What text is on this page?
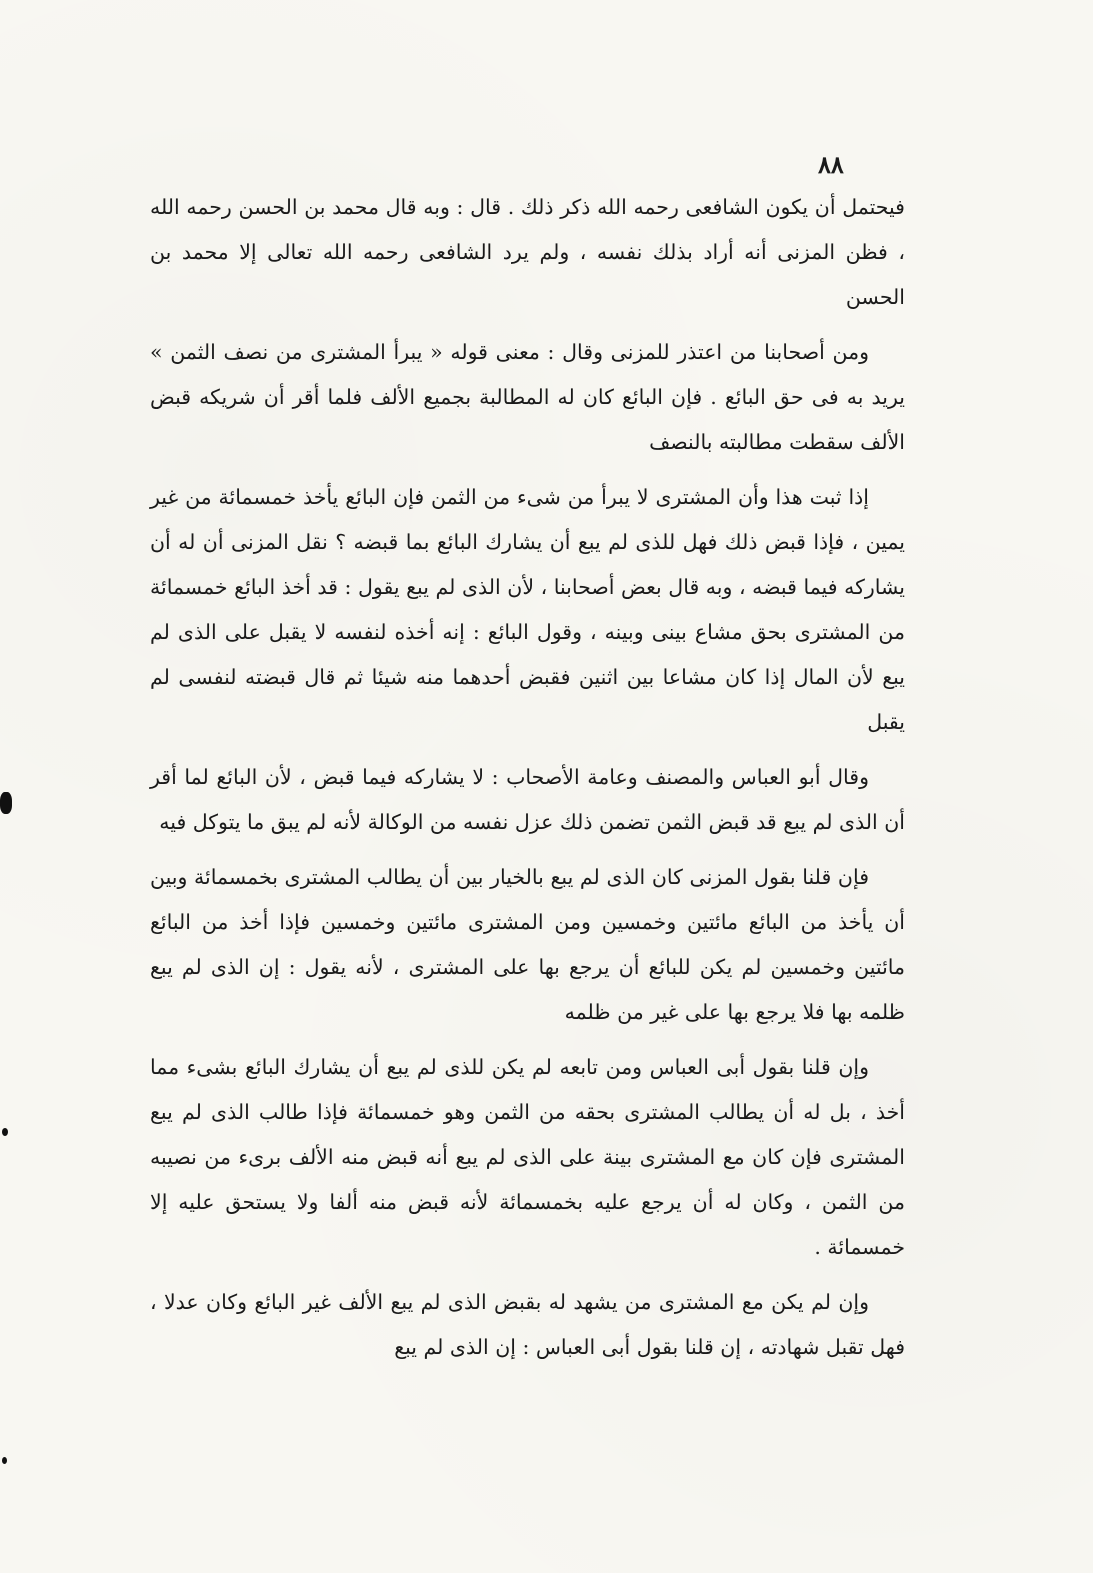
٨٨

فيحتمل أن يكون الشافعى رحمه الله ذكر ذلك . قال : وبه قال محمد بن الحسن رحمه الله ، فظن المزنى أنه أراد بذلك نفسه ، ولم يرد الشافعى رحمه الله تعالى إلا محمد بن الحسن

ومن أصحابنا من اعتذر للمزنى وقال : معنى قوله « يبرأ المشترى من نصف الثمن » يريد به فى حق البائع . فإن البائع كان له المطالبة بجميع الألف فلما أقر أن شريكه قبض الألف سقطت مطالبته بالنصف

إذا ثبت هذا وأن المشترى لا يبرأ من شىء من الثمن فإن البائع يأخذ خمسمائة من غير يمين ، فإذا قبض ذلك فهل للذى لم يبع أن يشارك البائع بما قبضه ؟ نقل المزنى أن له أن يشاركه فيما قبضه ، وبه قال بعض أصحابنا ، لأن الذى لم يبع يقول : قد أخذ البائع خمسمائة من المشترى بحق مشاع بينى وبينه ، وقول البائع : إنه أخذه لنفسه لا يقبل على الذى لم يبع لأن المال إذا كان مشاعا بين اثنين فقبض أحدهما منه شيئا ثم قال قبضته لنفسى لم يقبل

وقال أبو العباس والمصنف وعامة الأصحاب : لا يشاركه فيما قبض ، لأن البائع لما أقر أن الذى لم يبع قد قبض الثمن تضمن ذلك عزل نفسه من الوكالة لأنه لم يبق ما يتوكل فيه

فإن قلنا بقول المزنى كان الذى لم يبع بالخيار بين أن يطالب المشترى بخمسمائة وبين أن يأخذ من البائع مائتين وخمسين ومن المشترى مائتين وخمسين فإذا أخذ من البائع مائتين وخمسين لم يكن للبائع أن يرجع بها على المشترى ، لأنه يقول : إن الذى لم يبع ظلمه بها فلا يرجع بها على غير من ظلمه

وإن قلنا بقول أبى العباس ومن تابعه لم يكن للذى لم يبع أن يشارك البائع بشىء مما أخذ ، بل له أن يطالب المشترى بحقه من الثمن وهو خمسمائة فإذا طالب الذى لم يبع المشترى فإن كان مع المشترى بينة على الذى لم يبع أنه قبض منه الألف برىء من نصيبه من الثمن ، وكان له أن يرجع عليه بخمسمائة لأنه قبض منه ألفا ولا يستحق عليه إلا خمسمائة .

وإن لم يكن مع المشترى من يشهد له بقبض الذى لم يبع الألف غير البائع وكان عدلا ، فهل تقبل شهادته ، إن قلنا بقول أبى العباس : إن الذى لم يبع
